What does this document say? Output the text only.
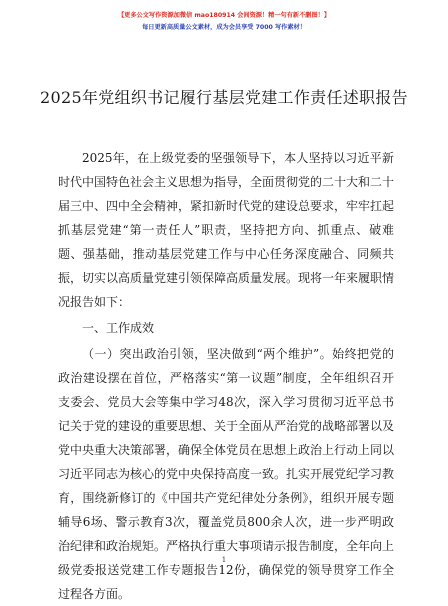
【更多公文写作资源加微信 mao180914 会间资源！精一句有新不删图！】
每日更新高质量公文素材，成为会员享受 7000 写作素材！
2025年党组织书记履行基层党建工作责任述职报告

2025年，在上级党委的坚强领导下，本人坚持以习近平新时代中国特色社会主义思想为指导，全面贯彻党的二十大和二十届三中、四中全会精神，紧扣新时代党的建设总要求，牢牢扛起抓基层党建“第一责任人”职责，坚持把方向、抓重点、破难题、强基础，推动基层党建工作与中心任务深度融合、同频共振，切实以高质量党建引领保障高质量发展。现将一年来履职情况报告如下：

一、工作成效

（一）突出政治引领，坚决做到“两个维护”。始终把党的政治建设摆在首位，严格落实“第一议题”制度，全年组织召开支委会、党员大会等集中学习48次，深入学习贯彻习近平总书记关于党的建设的重要思想、关于全面从严治党的战略部署以及党中央重大决策部署，确保全体党员在思想上政治上行动上同以习近平同志为核心的党中央保持高度一致。扎实开展党纪学习教育，围绕新修订的《中国共产党纪律处分条例》，组织开展专题辅导6场、警示教育3次，覆盖党员800余人次，进一步严明政治纪律和政治规矩。严格执行重大事项请示报告制度，全年向上级党委报送党建工作专题报告12份，确保党的领导贯穿工作全过程各方面。

1
